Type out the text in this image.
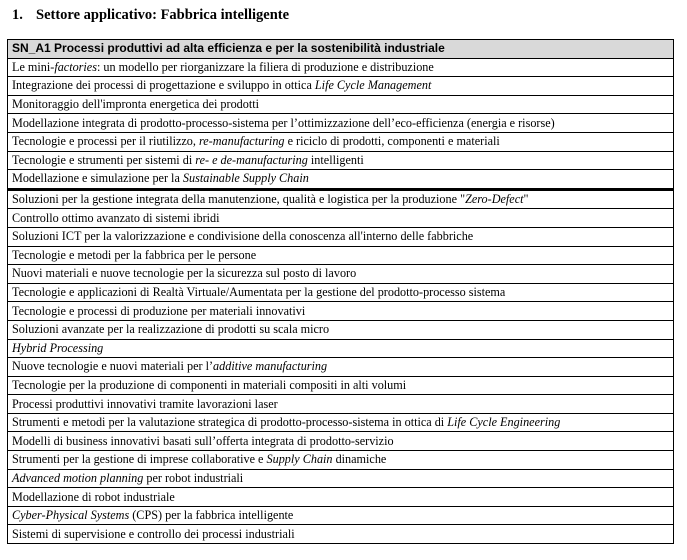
1. Settore applicativo: Fabbrica intelligente
SN_A1 Processi produttivi ad alta efficienza e per la sostenibilità industriale
Le mini-factories: un modello per riorganizzare la filiera di produzione e distribuzione
Integrazione dei processi di progettazione e sviluppo in ottica Life Cycle Management
Monitoraggio dell'impronta energetica dei prodotti
Modellazione integrata di prodotto-processo-sistema per l’ottimizzazione dell’eco-efficienza (energia e risorse)
Tecnologie e processi per il riutilizzo, re-manufacturing e riciclo di prodotti, componenti e materiali
Tecnologie e strumenti per sistemi di re- e de-manufacturing intelligenti
Modellazione e simulazione per la Sustainable Supply Chain
Soluzioni per la gestione integrata della manutenzione, qualità e logistica per la produzione "Zero-Defect"
Controllo ottimo avanzato di sistemi ibridi
Soluzioni ICT per la valorizzazione e condivisione della conoscenza all'interno delle fabbriche
Tecnologie e metodi per la fabbrica per le persone
Nuovi materiali e nuove tecnologie per la sicurezza sul posto di lavoro
Tecnologie e applicazioni di Realtà Virtuale/Aumentata per la gestione del prodotto-processo sistema
Tecnologie e processi di produzione per materiali innovativi
Soluzioni avanzate per la realizzazione di prodotti su scala micro
Hybrid Processing
Nuove tecnologie e nuovi materiali per l’additive manufacturing
Tecnologie per la produzione di componenti in materiali compositi in alti volumi
Processi produttivi innovativi tramite lavorazioni laser
Strumenti e metodi per la valutazione strategica di prodotto-processo-sistema in ottica di Life Cycle Engineering
Modelli di business innovativi basati sull’offerta integrata di prodotto-servizio
Strumenti per la gestione di imprese collaborative e Supply Chain dinamiche
Advanced motion planning per robot industriali
Modellazione di robot industriale
Cyber-Physical Systems (CPS) per la fabbrica intelligente
Sistemi di supervisione e controllo dei processi industriali
